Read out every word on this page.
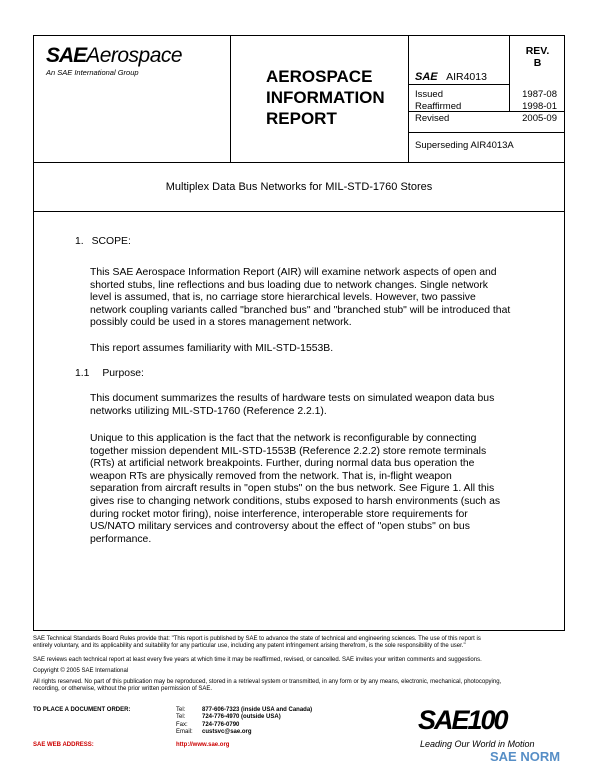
SAEAerospace
An SAE International Group	AEROSPACE
INFORMATION
REPORT
SAE AIR4013
REV.
B
Issued	1987-08
Reaffirmed	1998-01
Revised	2005-09
Superseding AIR4013A
Multiplex Data Bus Networks for MIL-STD-1760 Stores
1. SCOPE:
This SAE Aerospace Information Report (AIR) will examine network aspects of open and
shorted stubs, line reflections and bus loading due to network changes. Single network
level is assumed, that is, no carriage store hierarchical levels. However, two passive
network coupling variants called "branched bus" and "branched stub" will be introduced that
possibly could be used in a stores management network.
This report assumes familiarity with MIL-STD-1553B.
1.1 Purpose:
This document summarizes the results of hardware tests on simulated weapon data bus
networks utilizing MIL-STD-1760 (Reference 2.2.1).
Unique to this application is the fact that the network is reconfigurable by connecting
together mission dependent MIL-STD-1553B (Reference 2.2.2) store remote terminals
(RTs) at artificial network breakpoints. Further, during normal data bus operation the
weapon RTs are physically removed from the network. That is, in-flight weapon
separation from aircraft results in "open stubs" on the bus network. See Figure 1. All this
gives rise to changing network conditions, stubs exposed to harsh environments (such as
during rocket motor firing), noise interference, interoperable store requirements for
US/NATO military services and controversy about the effect of "open stubs" on bus
performance.
SAE Technical Standards Board Rules provide that: "This report is published by SAE to advance the state of technical and engineering sciences. The use of this report is
entirely voluntary, and its applicability and suitability for any particular use, including any patent infringement arising therefrom, is the sole responsibility of the user."
SAE reviews each technical report at least every five years at which time it may be reaffirmed, revised, or cancelled. SAE invites your written comments and suggestions.
Copyright © 2005 SAE International
All rights reserved. No part of this publication may be reproduced, stored in a retrieval system or transmitted, in any form or by any means, electronic, mechanical, photocopying,
recording, or otherwise, without the prior written permission of SAE.
TO PLACE A DOCUMENT ORDER:	Tel:	877-606-7323 (inside USA and Canada)
Tel:	724-776-4970 (outside USA)
Fax: 724-776-0790
Email: custsvc@sae.org
SAE WEB ADDRESS:	http://www.sae.org
SAE100
Leading Our World in Motion
SAE NORM
